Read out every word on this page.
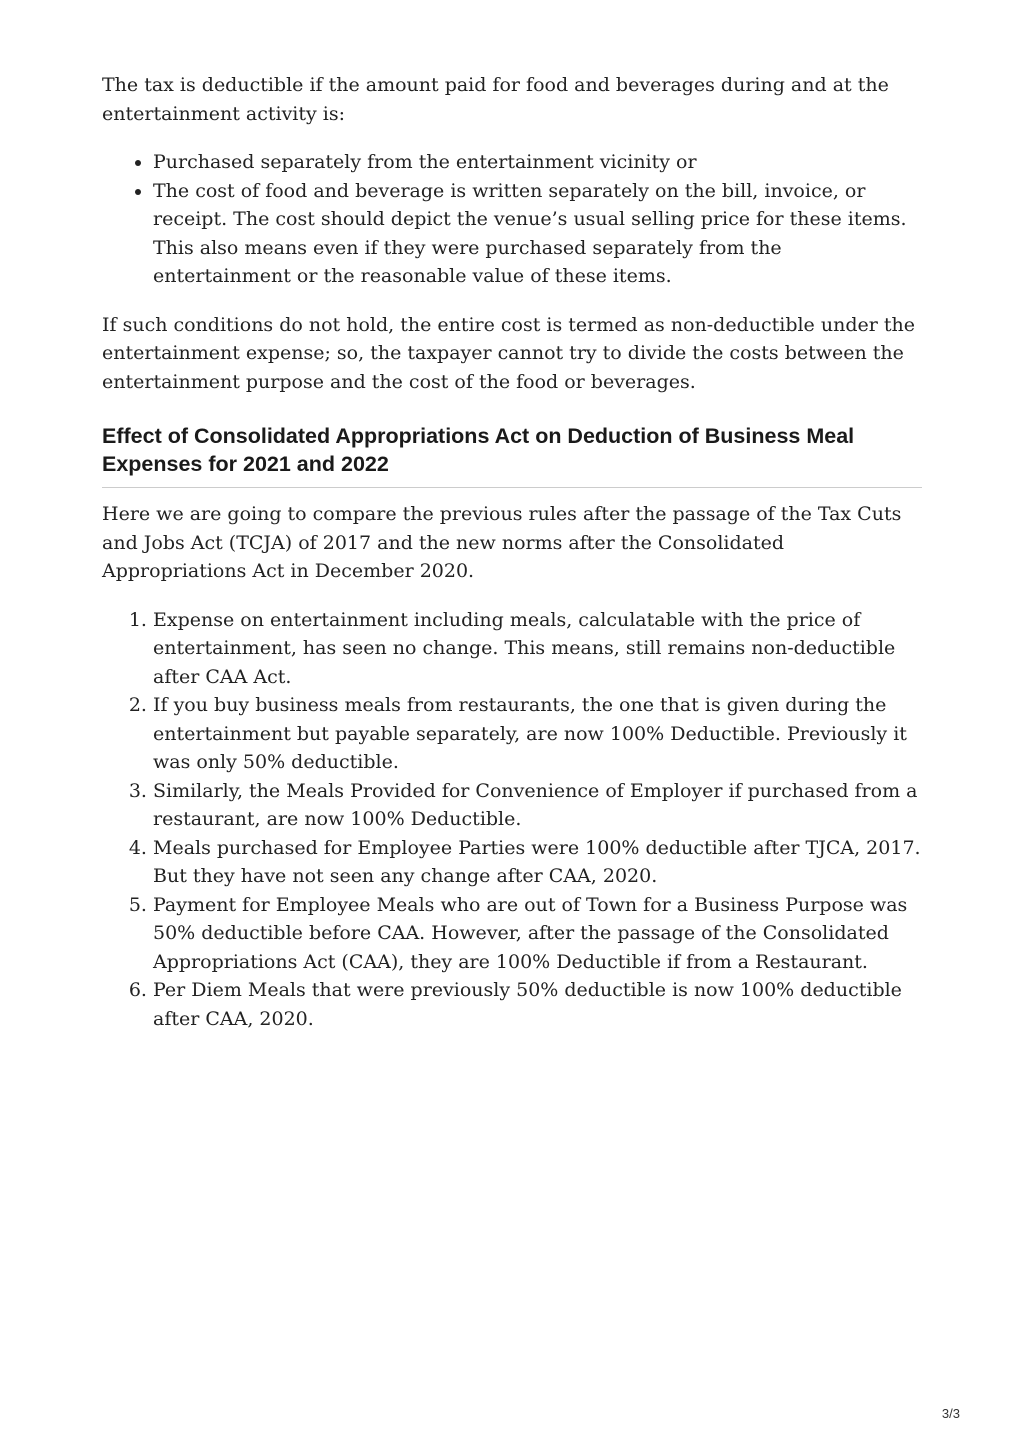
The tax is deductible if the amount paid for food and beverages during and at the entertainment activity is:

• Purchased separately from the entertainment vicinity or
• The cost of food and beverage is written separately on the bill, invoice, or receipt. The cost should depict the venue’s usual selling price for these items. This also means even if they were purchased separately from the entertainment or the reasonable value of these items.

If such conditions do not hold, the entire cost is termed as non-deductible under the entertainment expense; so, the taxpayer cannot try to divide the costs between the entertainment purpose and the cost of the food or beverages.

Effect of Consolidated Appropriations Act on Deduction of Business Meal Expenses for 2021 and 2022

Here we are going to compare the previous rules after the passage of the Tax Cuts and Jobs Act (TCJA) of 2017 and the new norms after the Consolidated Appropriations Act in December 2020.

1. Expense on entertainment including meals, calculatable with the price of entertainment, has seen no change. This means, still remains non-deductible after CAA Act.
2. If you buy business meals from restaurants, the one that is given during the entertainment but payable separately, are now 100% Deductible. Previously it was only 50% deductible.
3. Similarly, the Meals Provided for Convenience of Employer if purchased from a restaurant, are now 100% Deductible.
4. Meals purchased for Employee Parties were 100% deductible after TJCA, 2017. But they have not seen any change after CAA, 2020.
5. Payment for Employee Meals who are out of Town for a Business Purpose was 50% deductible before CAA. However, after the passage of the Consolidated Appropriations Act (CAA), they are 100% Deductible if from a Restaurant.
6. Per Diem Meals that were previously 50% deductible is now 100% deductible after CAA, 2020.
3/3
